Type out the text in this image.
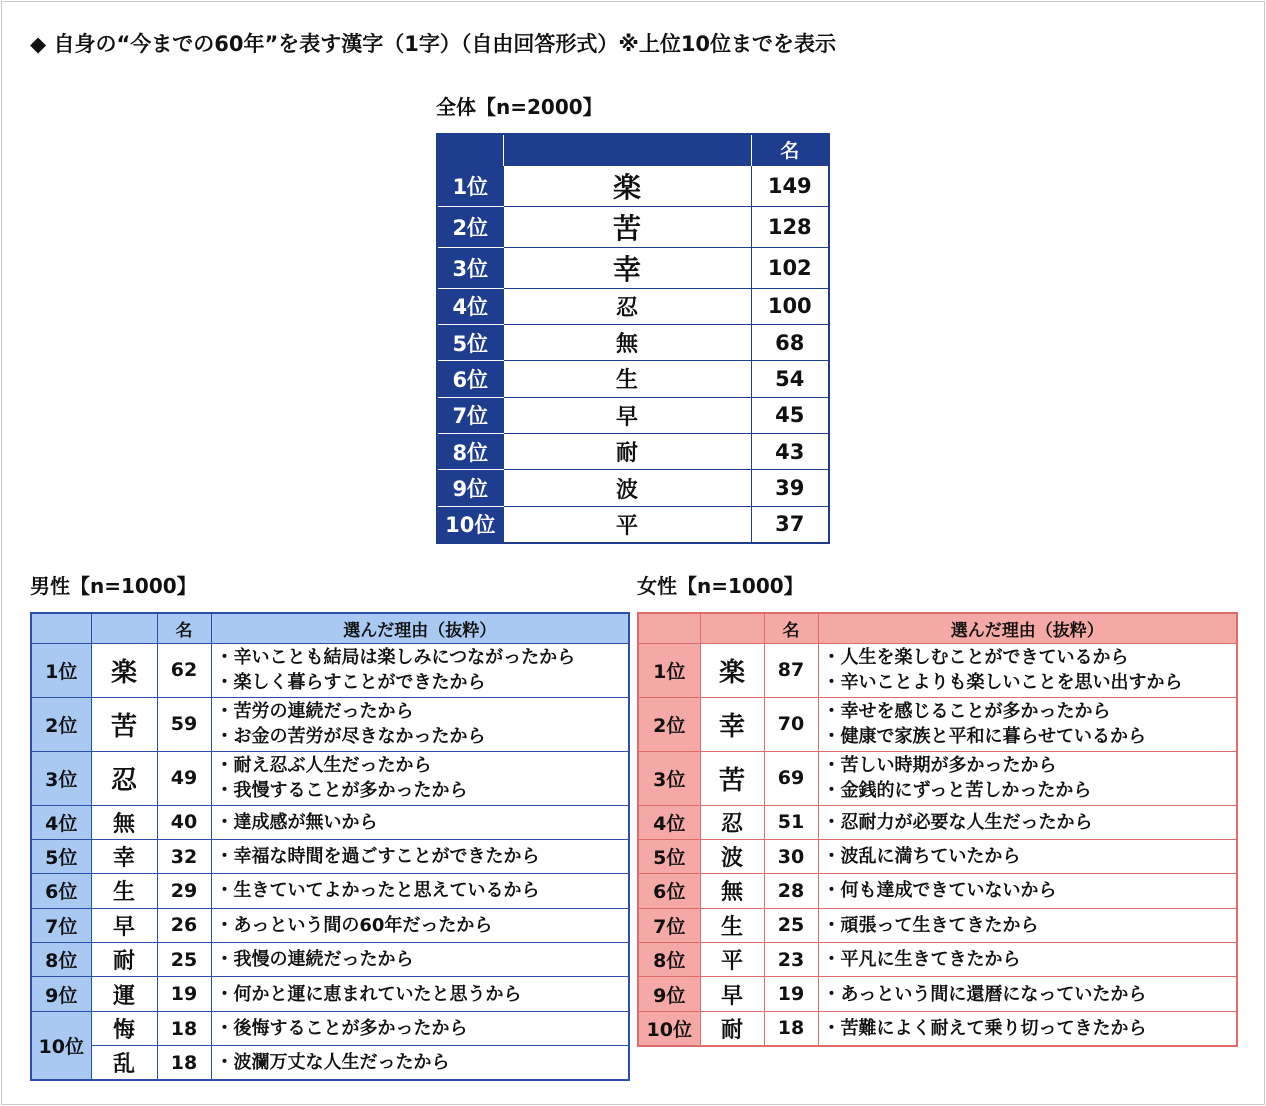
◆ 自身の“今までの60年”を表す漢字（1字）（自由回答形式）※上位10位までを表示
全体【n=2000】
		名
1位	楽	149
2位	苦	128
3位	幸	102
4位	忍	100
5位	無	68
6位	生	54
7位	早	45
8位	耐	43
9位	波	39
10位	平	37
男性【n=1000】
		名	選んだ理由（抜粋）
1位	楽	62	・辛いことも結局は楽しみにつながったから
・楽しく暮らすことができたから

2位	苦	59	・苦労の連続だったから
・お金の苦労が尽きなかったから

3位	忍	49	・耐え忍ぶ人生だったから
・我慢することが多かったから

4位	無	40	・達成感が無いから

5位	幸	32	・幸福な時間を過ごすことができたから

6位	生	29	・生きていてよかったと思えているから

7位	早	26	・あっという間の60年だったから

8位	耐	25	・我慢の連続だったから

9位	運	19	・何かと運に恵まれていたと思うから

10位	悔	18	・後悔することが多かったから

	乱	18	・波瀾万丈な人生だったから
女性【n=1000】
		名	選んだ理由（抜粋）
1位	楽	87	・人生を楽しむことができているから
・辛いことよりも楽しいことを思い出すから

2位	幸	70	・幸せを感じることが多かったから
・健康で家族と平和に暮らせているから

3位	苦	69	・苦しい時期が多かったから
・金銭的にずっと苦しかったから

4位	忍	51	・忍耐力が必要な人生だったから

5位	波	30	・波乱に満ちていたから

6位	無	28	・何も達成できていないから

7位	生	25	・頑張って生きてきたから

8位	平	23	・平凡に生きてきたから

9位	早	19	・あっという間に還暦になっていたから

10位	耐	18	・苦難によく耐えて乗り切ってきたから
